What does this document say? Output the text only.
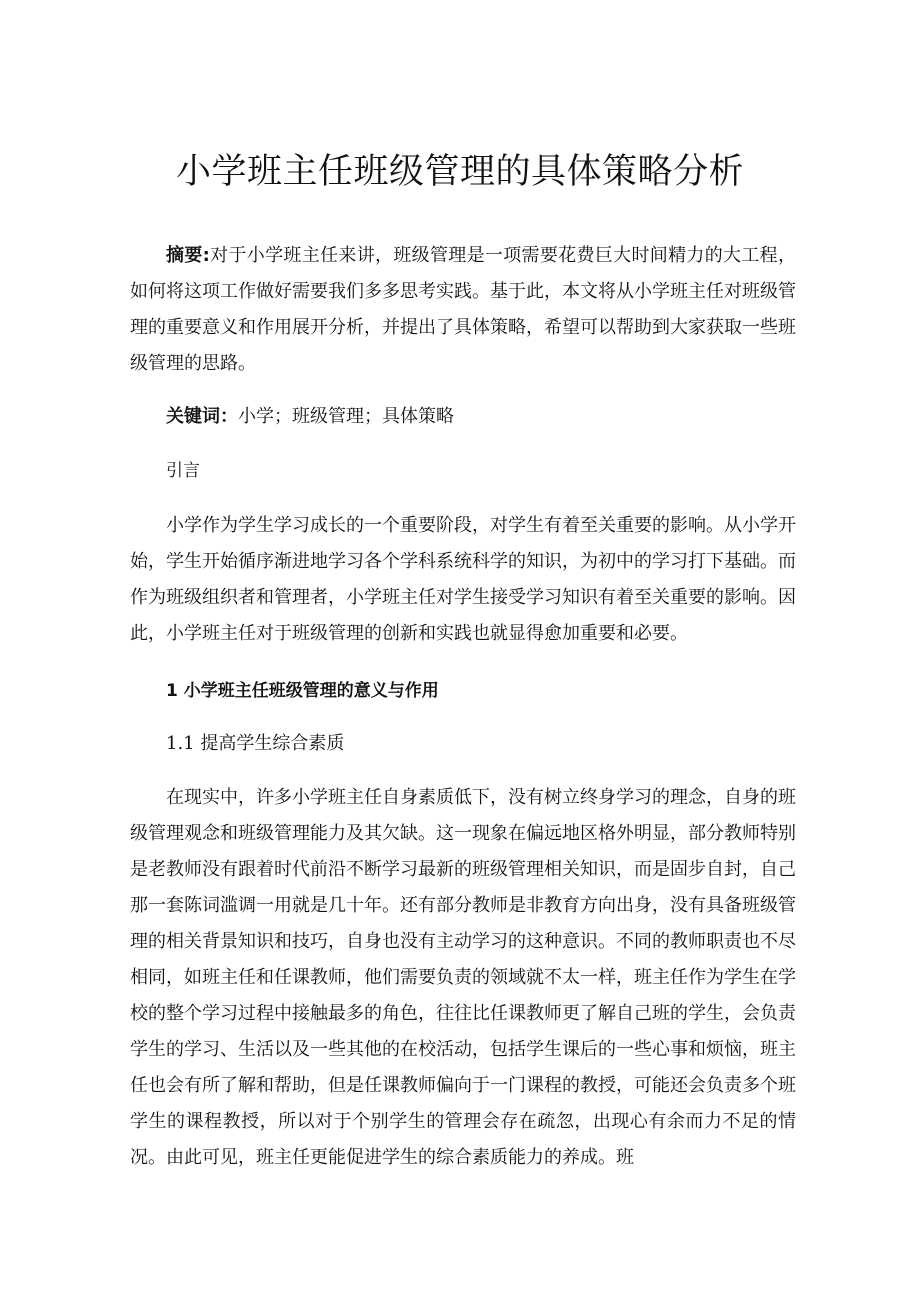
小学班主任班级管理的具体策略分析

摘要:对于小学班主任来讲，班级管理是一项需要花费巨大时间精力的大工程，如何将这项工作做好需要我们多多思考实践。基于此，本文将从小学班主任对班级管理的重要意义和作用展开分析，并提出了具体策略，希望可以帮助到大家获取一些班级管理的思路。

关键词：小学；班级管理；具体策略

引言

小学作为学生学习成长的一个重要阶段，对学生有着至关重要的影响。从小学开始，学生开始循序渐进地学习各个学科系统科学的知识，为初中的学习打下基础。而作为班级组织者和管理者，小学班主任对学生接受学习知识有着至关重要的影响。因此，小学班主任对于班级管理的创新和实践也就显得愈加重要和必要。

1 小学班主任班级管理的意义与作用

1.1 提高学生综合素质

在现实中，许多小学班主任自身素质低下，没有树立终身学习的理念，自身的班级管理观念和班级管理能力及其欠缺。这一现象在偏远地区格外明显，部分教师特别是老教师没有跟着时代前沿不断学习最新的班级管理相关知识，而是固步自封，自己那一套陈词滥调一用就是几十年。还有部分教师是非教育方向出身，没有具备班级管理的相关背景知识和技巧，自身也没有主动学习的这种意识。不同的教师职责也不尽相同，如班主任和任课教师，他们需要负责的领域就不太一样，班主任作为学生在学校的整个学习过程中接触最多的角色，往往比任课教师更了解自己班的学生，会负责学生的学习、生活以及一些其他的在校活动，包括学生课后的一些心事和烦恼，班主任也会有所了解和帮助，但是任课教师偏向于一门课程的教授，可能还会负责多个班学生的课程教授，所以对于个别学生的管理会存在疏忽，出现心有余而力不足的情况。由此可见，班主任更能促进学生的综合素质能力的养成。班
